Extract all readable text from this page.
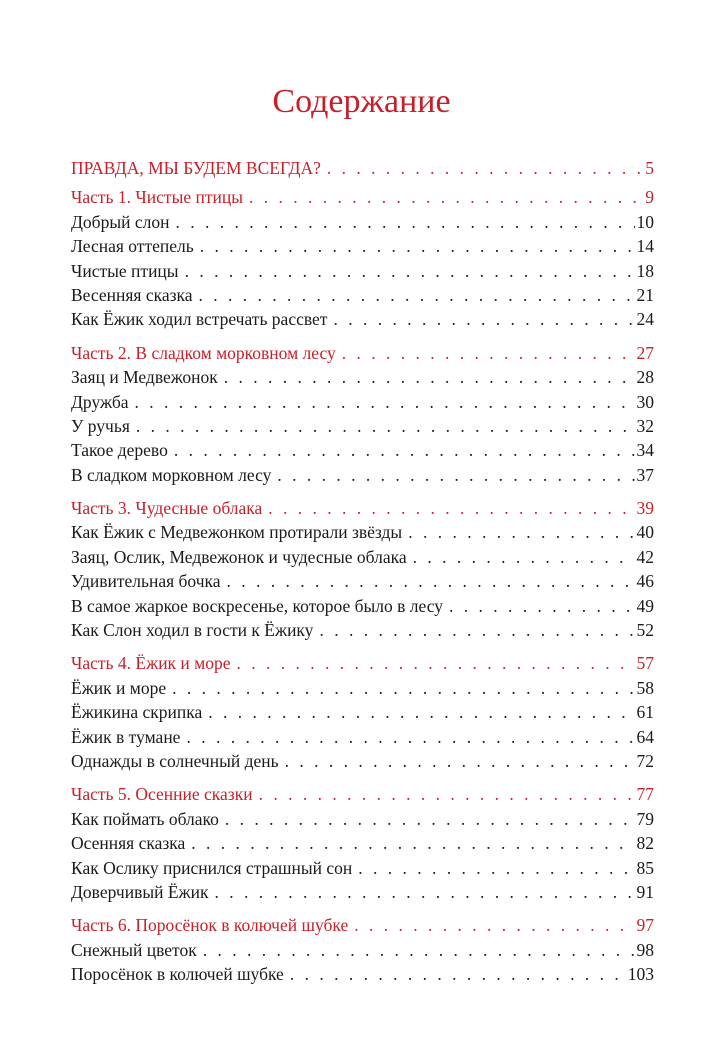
Содержание
ПРАВДА, МЫ БУДЕМ ВСЕГДА? . . .	5
Часть 1. Чистые птицы . . .	9
Добрый слон . . .	10
Лесная оттепель . . .	14
Чистые птицы . . .	18
Весенняя сказка . . .	21
Как Ёжик ходил встречать рассвет . . .	24
Часть 2. В сладком морковном лесу . . .	27
Заяц и Медвежонок . . .	28
Дружба . . .	30
У ручья . . .	32
Такое дерево . . .	34
В сладком морковном лесу . . .	37
Часть 3. Чудесные облака . . .	39
Как Ёжик с Медвежонком протирали звёзды . . .	40
Заяц, Ослик, Медвежонок и чудесные облака . . .	42
Удивительная бочка . . .	46
В самое жаркое воскресенье, которое было в лесу . . .	49
Как Слон ходил в гости к Ёжику . . .	52
Часть 4. Ёжик и море . . .	57
Ёжик и море . . .	58
Ёжикина скрипка . . .	61
Ёжик в тумане . . .	64
Однажды в солнечный день . . .	72
Часть 5. Осенние сказки . . .	77
Как поймать облако . . .	79
Осенняя сказка . . .	82
Как Ослику приснился страшный сон . . .	85
Доверчивый Ёжик . . .	91
Часть 6. Поросёнок в колючей шубке . . .	97
Снежный цветок . . .	98
Поросёнок в колючей шубке . . .	103
